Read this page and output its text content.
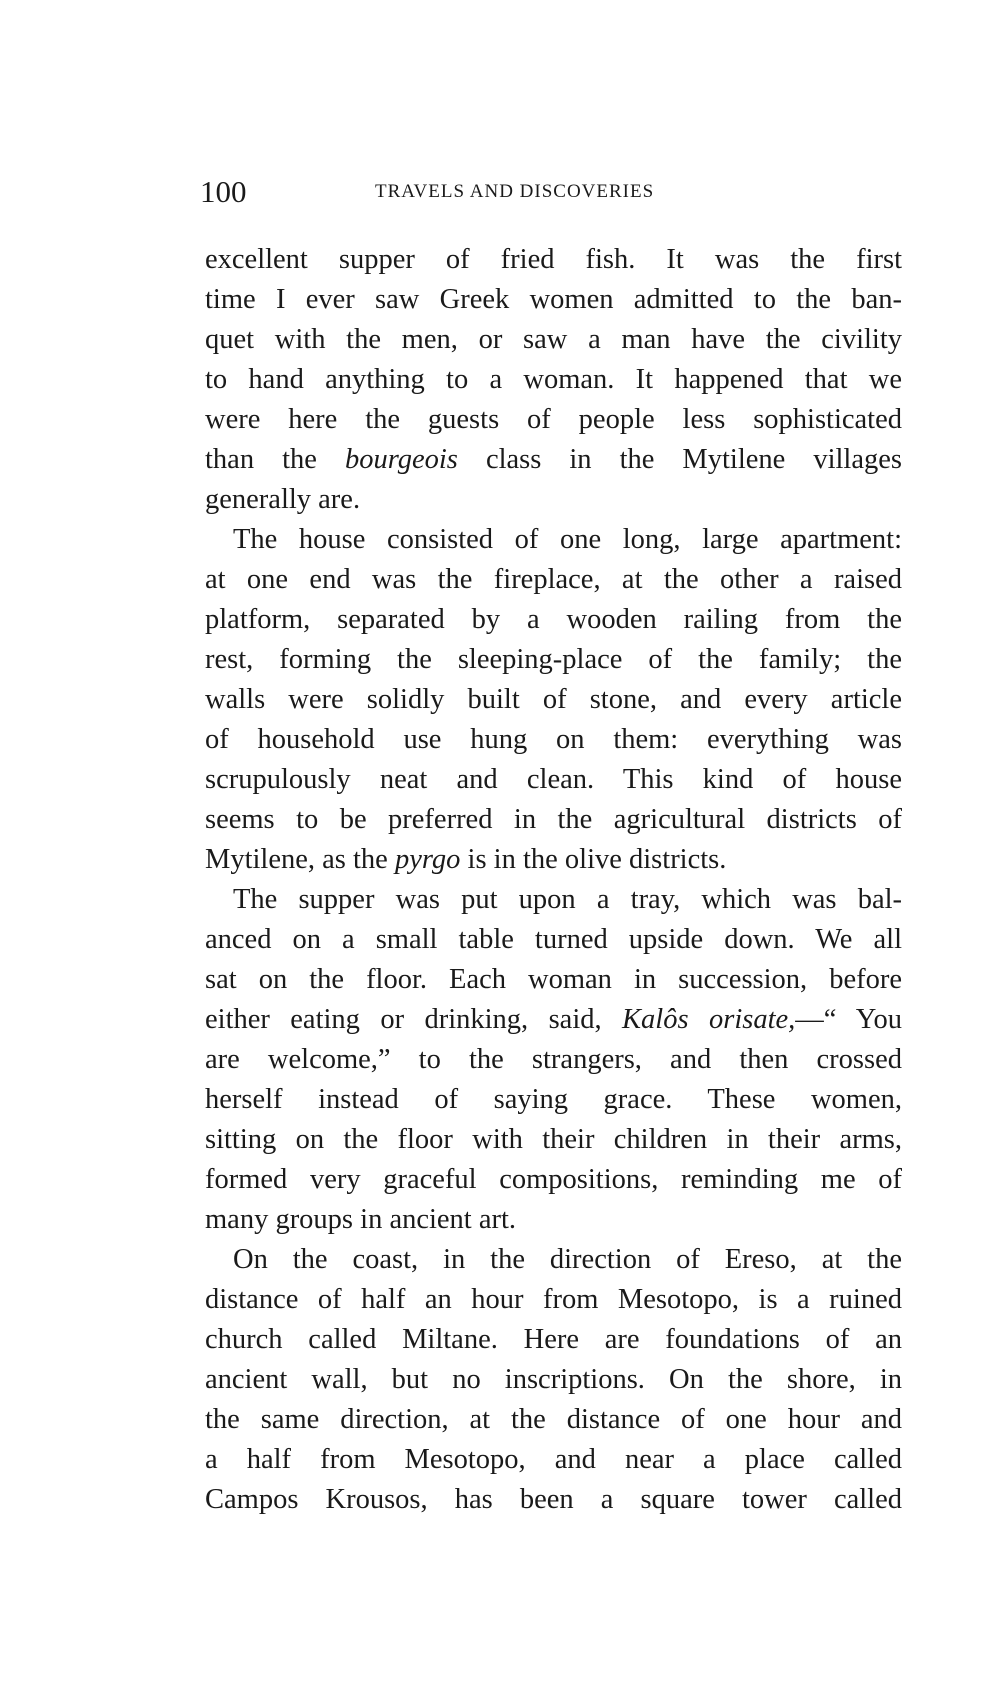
100	TRAVELS AND DISCOVERIES
excellent supper of fried fish. It was the first
time I ever saw Greek women admitted to the ban-
quet with the men, or saw a man have the civility
to hand anything to a woman. It happened that we
were here the guests of people less sophisticated
than the bourgeois class in the Mytilene villages
generally are.
The house consisted of one long, large apartment:
at one end was the fireplace, at the other a raised
platform, separated by a wooden railing from the
rest, forming the sleeping-place of the family; the
walls were solidly built of stone, and every article
of household use hung on them: everything was
scrupulously neat and clean. This kind of house
seems to be preferred in the agricultural districts of
Mytilene, as the pyrgo is in the olive districts.
The supper was put upon a tray, which was bal-
anced on a small table turned upside down. We all
sat on the floor. Each woman in succession, before
either eating or drinking, said, Kalôs orisate,—“ You
are welcome,” to the strangers, and then crossed
herself instead of saying grace. These women,
sitting on the floor with their children in their arms,
formed very graceful compositions, reminding me of
many groups in ancient art.
On the coast, in the direction of Ereso, at the
distance of half an hour from Mesotopo, is a ruined
church called Miltane. Here are foundations of an
ancient wall, but no inscriptions. On the shore, in
the same direction, at the distance of one hour and
a half from Mesotopo, and near a place called
Campos Krousos, has been a square tower called
